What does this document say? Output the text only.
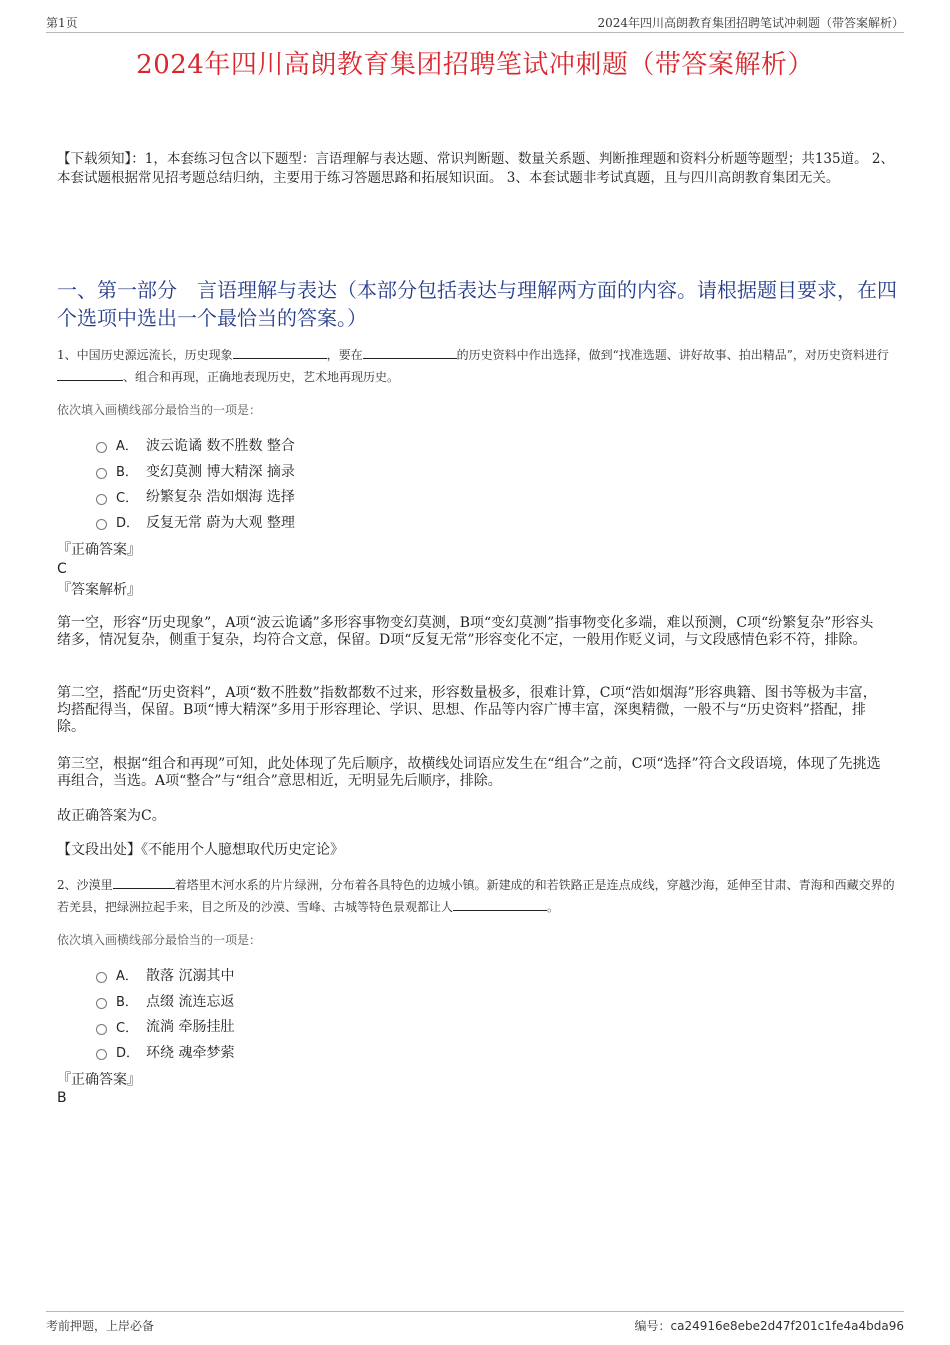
第1页	2024年四川高朗教育集团招聘笔试冲刺题（带答案解析）
2024年四川高朗教育集团招聘笔试冲刺题（带答案解析）
【下载须知】：1，本套练习包含以下题型：言语理解与表达题、常识判断题、数量关系题、判断推理题和资料分析题等题型；共135道。 2、本套试题根据常见招考题总结归纳，主要用于练习答题思路和拓展知识面。 3、本套试题非考试真题，且与四川高朗教育集团无关。
一、第一部分　言语理解与表达（本部分包括表达与理解两方面的内容。请根据题目要求，在四个选项中选出一个最恰当的答案。）
1、中国历史源远流长，历史现象	，要在	的历史资料中作出选择，做到“找准选题、讲好故事、拍出精品”，对历史资料进行、组合和再现，正确地表现历史，艺术地再现历史。
依次填入画横线部分最恰当的一项是：
A． 波云诡谲 数不胜数 整合
B． 变幻莫测 博大精深 摘录
C． 纷繁复杂 浩如烟海 选择
D． 反复无常 蔚为大观 整理
『正确答案』
C
『答案解析』
第一空，形容“历史现象”，A项“波云诡谲”多形容事物变幻莫测，B项“变幻莫测”指事物变化多端，难以预测，C项“纷繁复杂”形容头绪多，情况复杂，侧重于复杂，均符合文意，保留。D项“反复无常”形容变化不定，一般用作贬义词，与文段感情色彩不符，排除。
第二空，搭配“历史资料”，A项“数不胜数”指数都数不过来，形容数量极多，很难计算，C项“浩如烟海”形容典籍、图书等极为丰富，均搭配得当，保留。B项“博大精深”多用于形容理论、学识、思想、作品等内容广博丰富，深奥精微，一般不与“历史资料”搭配，排除。
第三空，根据“组合和再现”可知，此处体现了先后顺序，故横线处词语应发生在“组合”之前，C项“选择”符合文段语境，体现了先挑选再组合，当选。A项“整合”与“组合”意思相近，无明显先后顺序，排除。
故正确答案为C。
【文段出处】《不能用个人臆想取代历史定论》
2、沙漠里	着塔里木河水系的片片绿洲，分布着各具特色的边城小镇。新建成的和若铁路正是连点成线，穿越沙海，延伸至甘肃、青海和西藏交界的若羌县，把绿洲拉起手来，目之所及的沙漠、雪峰、古城等特色景观都让人	。
依次填入画横线部分最恰当的一项是：
A． 散落 沉溺其中
B． 点缀 流连忘返
C． 流淌 牵肠挂肚
D． 环绕 魂牵梦萦
『正确答案』
B
考前押题，上岸必备	编号：ca24916e8ebe2d47f201c1fe4a4bda96
